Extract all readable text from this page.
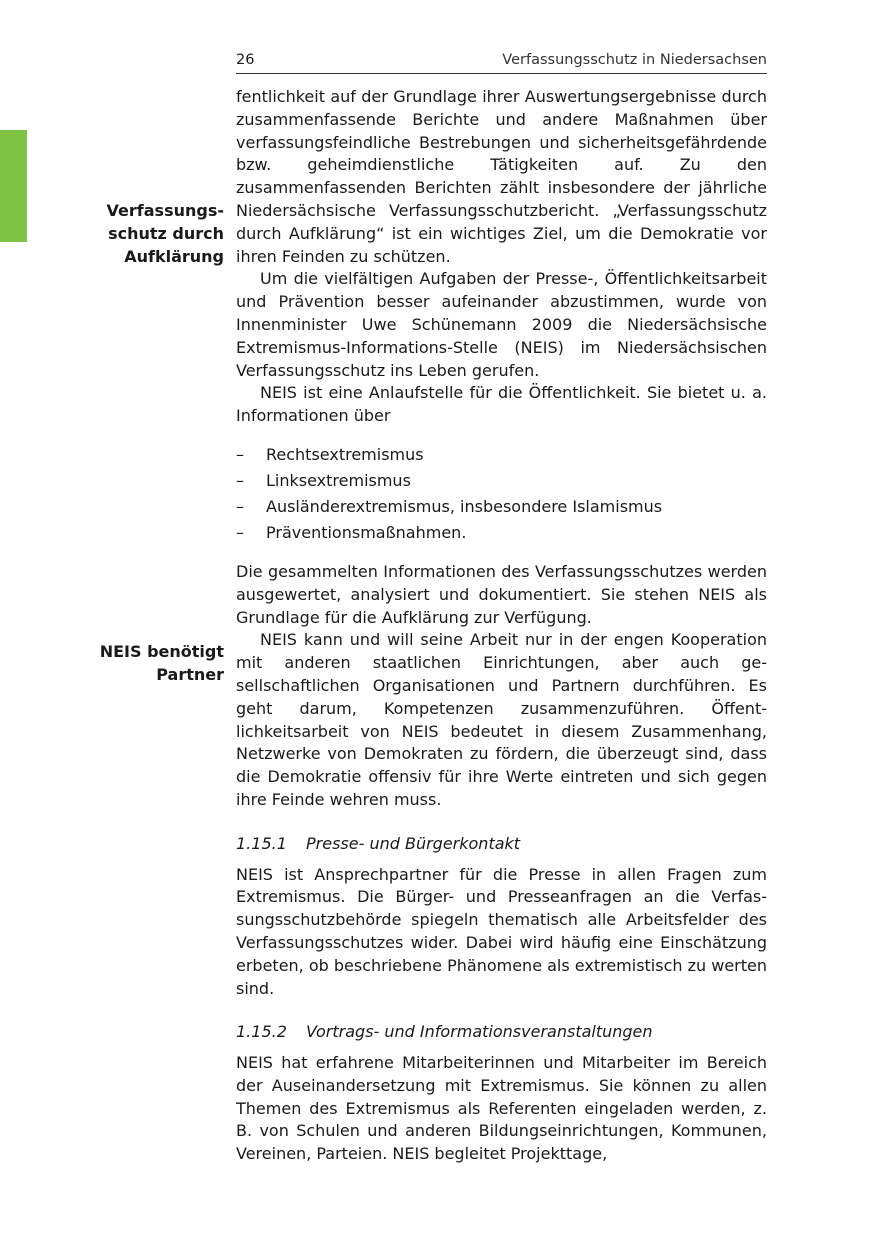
26	Verfassungsschutz in Niedersachsen
Verfassungs-
schutz durch
Aufklärung
NEIS benötigt
Partner

fentlichkeit auf der Grundlage ihrer Auswertungsergebnisse durch zusammenfassende Berichte und andere Maßnahmen über verfassungsfeindliche Bestrebungen und sicherheitsgefährdende bzw. geheimdienstliche Tätigkeiten auf. Zu den zusammenfassenden Berichten zählt insbesondere der jährliche Niedersächsische Verfassungsschutzbericht. „Verfassungsschutz durch Aufklärung“ ist ein wichtiges Ziel, um die Demokratie vor ihren Feinden zu schützen.

Um die vielfältigen Aufgaben der Presse-, Öffentlichkeitsarbeit und Prävention besser aufeinander abzustimmen, wurde von Innenminister Uwe Schünemann 2009 die Niedersächsische Extremismus-Informations-Stelle (NEIS) im Niedersächsischen Verfassungsschutz ins Leben gerufen.

NEIS ist eine Anlaufstelle für die Öffentlichkeit. Sie bietet u. a. Informationen über

– Rechtsextremismus
– Linksextremismus
– Ausländerextremismus, insbesondere Islamismus
– Präventionsmaßnahmen.

Die gesammelten Informationen des Verfassungsschutzes werden ausgewertet, analysiert und dokumentiert. Sie stehen NEIS als Grundlage für die Aufklärung zur Verfügung.

NEIS kann und will seine Arbeit nur in der engen Kooperation mit anderen staatlichen Einrichtungen, aber auch gesellschaftlichen Organisationen und Partnern durchführen. Es geht darum, Kompetenzen zusammenzuführen. Öffentlichkeitsarbeit von NEIS bedeutet in diesem Zusammenhang, Netzwerke von Demokraten zu fördern, die überzeugt sind, dass die Demokratie offensiv für ihre Werte eintreten und sich gegen ihre Feinde wehren muss.

1.15.1 Presse- und Bürgerkontakt

NEIS ist Ansprechpartner für die Presse in allen Fragen zum Extremismus. Die Bürger- und Presseanfragen an die Verfassungsschutzbehörde spiegeln thematisch alle Arbeitsfelder des Verfassungsschutzes wider. Dabei wird häufig eine Einschätzung erbeten, ob beschriebene Phänomene als extremistisch zu werten sind.

1.15.2 Vortrags- und Informationsveranstaltungen

NEIS hat erfahrene Mitarbeiterinnen und Mitarbeiter im Bereich der Auseinandersetzung mit Extremismus. Sie können zu allen Themen des Extremismus als Referenten eingeladen werden, z. B. von Schulen und anderen Bildungseinrichtungen, Kommunen, Vereinen, Parteien. NEIS begleitet Projekttage,
